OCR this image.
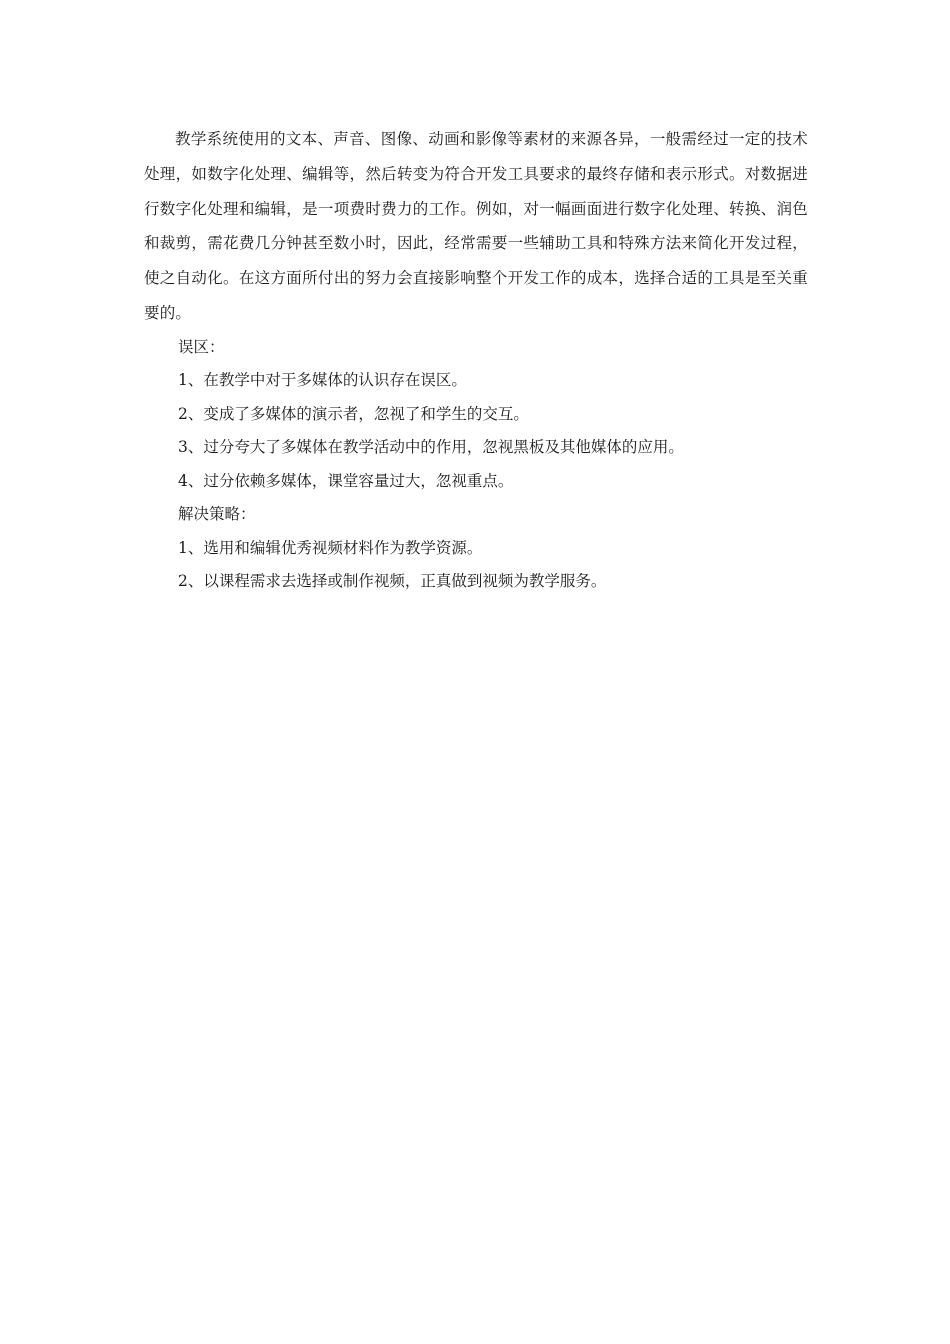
教学系统使用的文本、声音、图像、动画和影像等素材的来源各异，一般需经过一定的技术处理，如数字化处理、编辑等，然后转变为符合开发工具要求的最终存储和表示形式。对数据进行数字化处理和编辑，是一项费时费力的工作。例如，对一幅画面进行数字化处理、转换、润色和裁剪，需花费几分钟甚至数小时，因此，经常需要一些辅助工具和特殊方法来简化开发过程，使之自动化。在这方面所付出的努力会直接影响整个开发工作的成本，选择合适的工具是至关重要的。

误区：

1、在教学中对于多媒体的认识存在误区。

2、变成了多媒体的演示者，忽视了和学生的交互。

3、过分夸大了多媒体在教学活动中的作用，忽视黑板及其他媒体的应用。

4、过分依赖多媒体，课堂容量过大，忽视重点。

解决策略：

1、选用和编辑优秀视频材料作为教学资源。

2、以课程需求去选择或制作视频，正真做到视频为教学服务。
